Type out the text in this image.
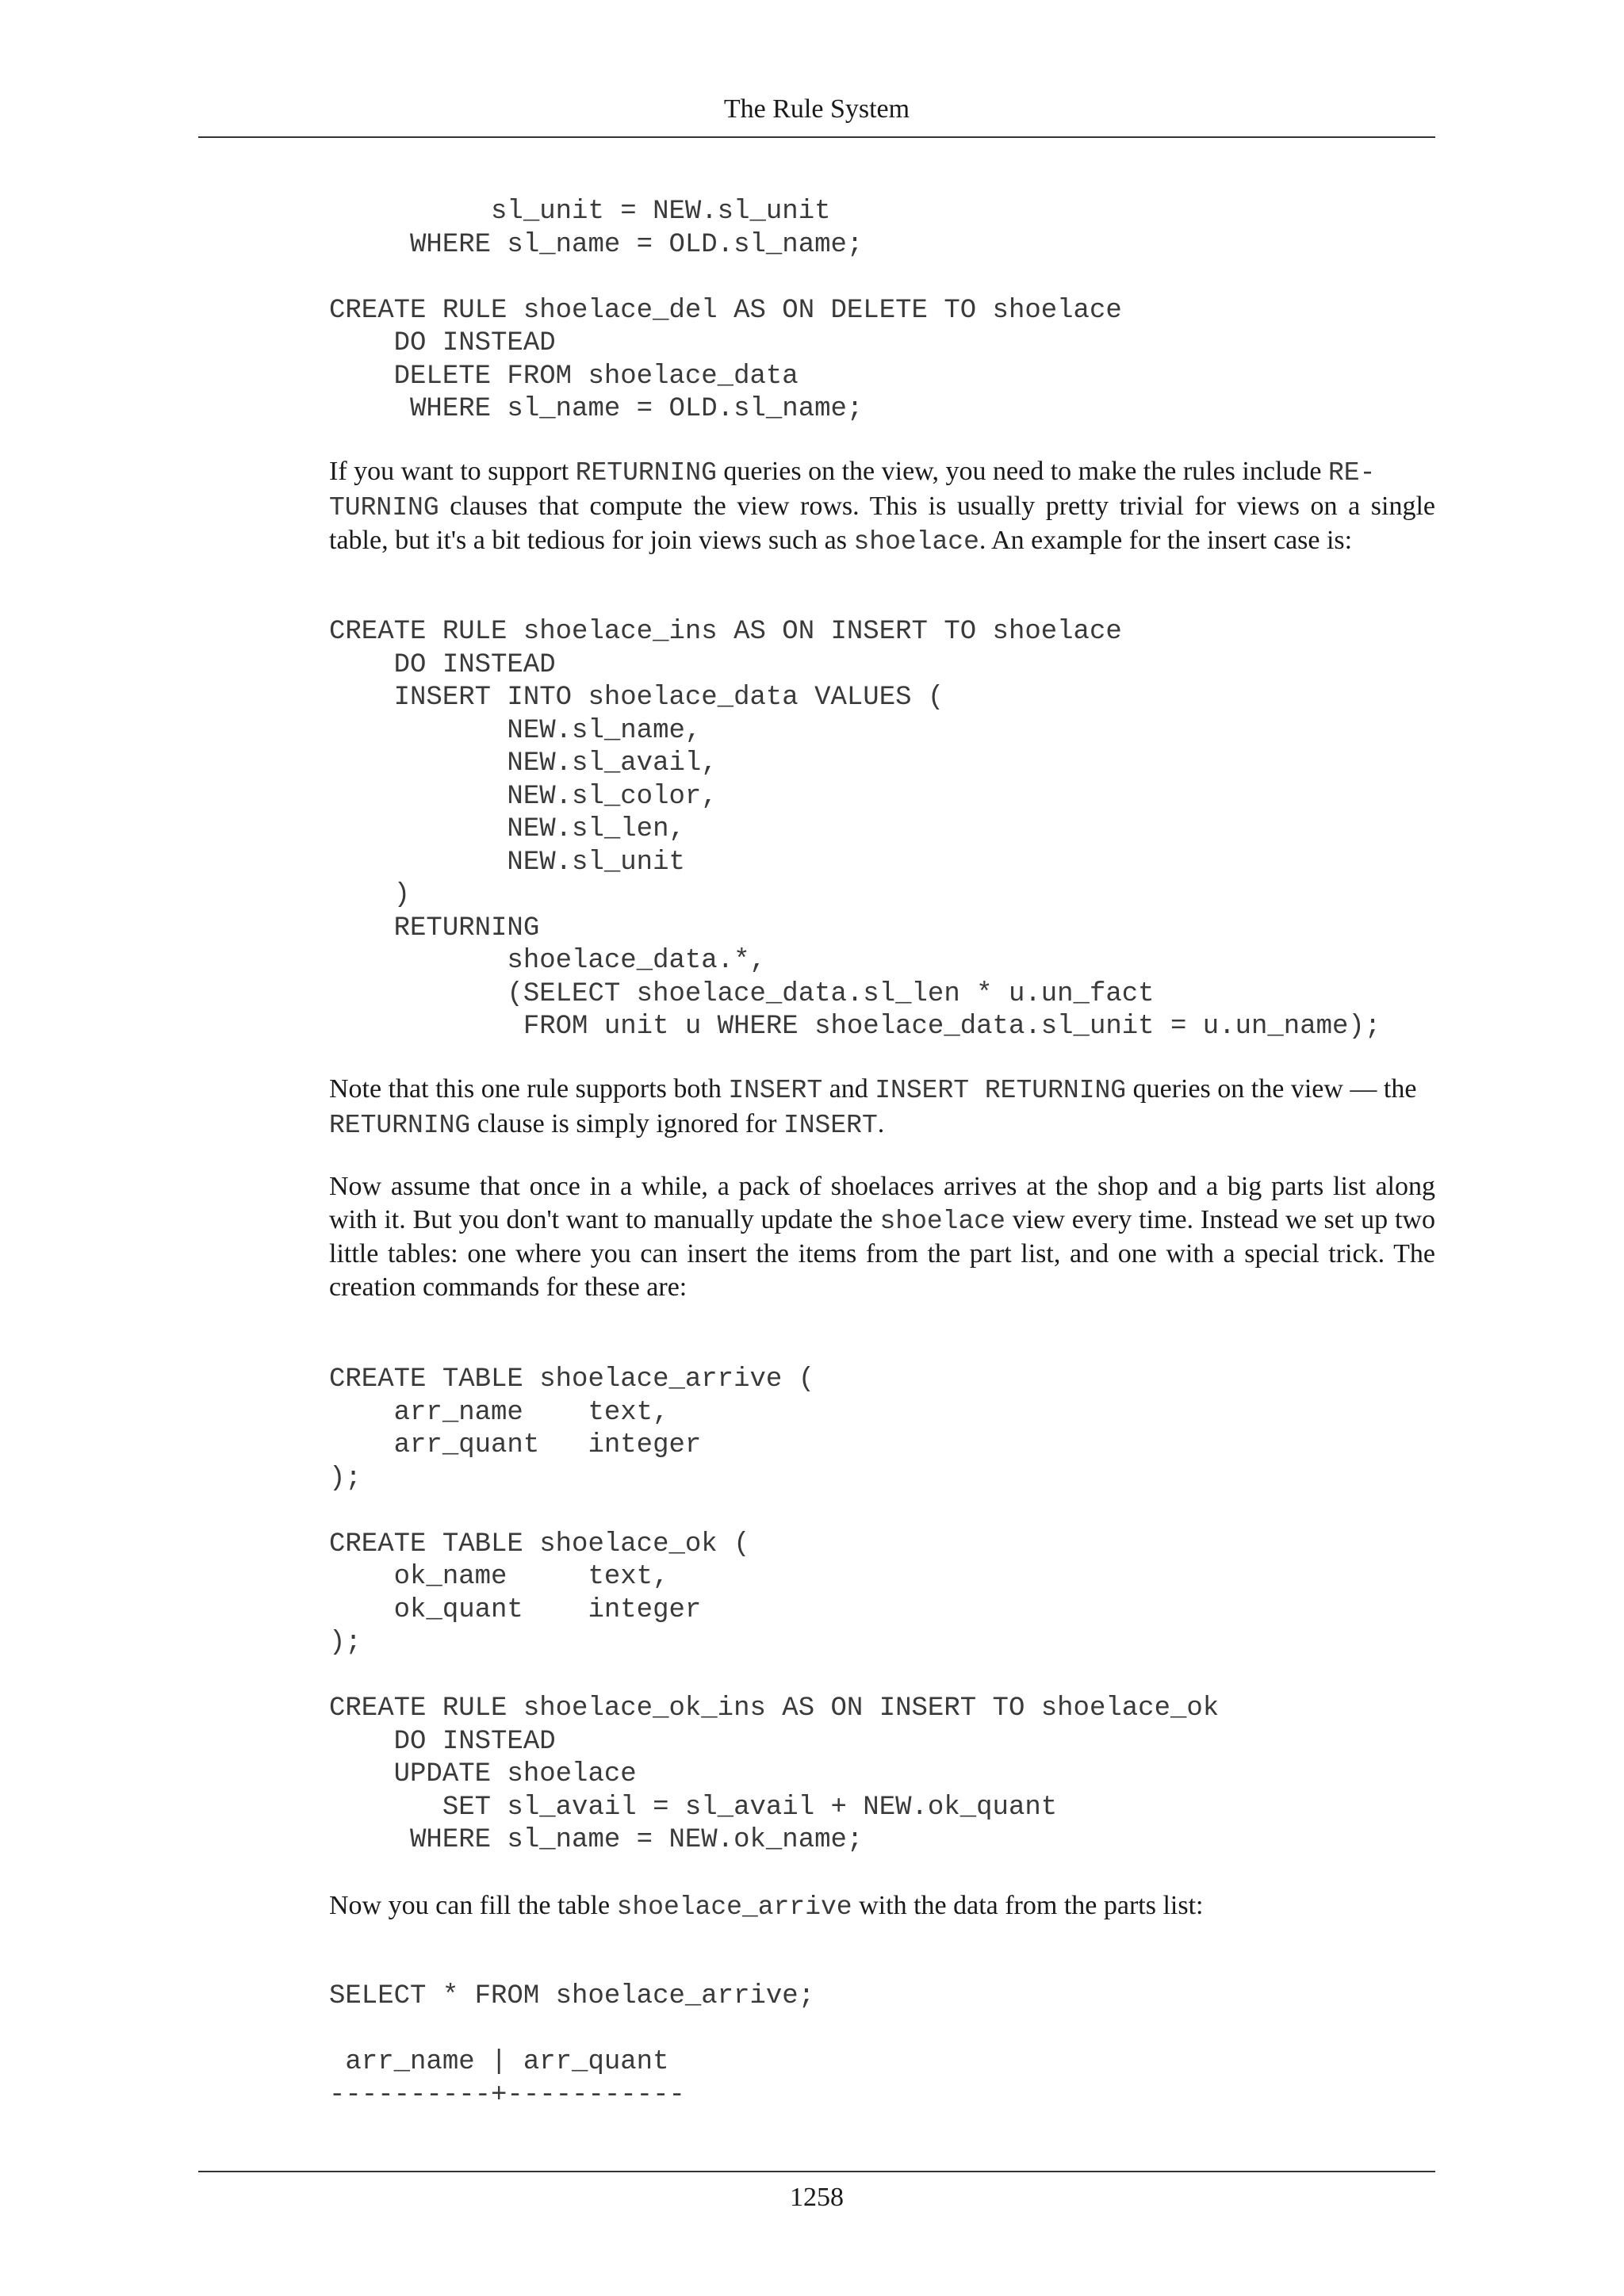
The Rule System
sl_unit = NEW.sl_unit
WHERE sl_name = OLD.sl_name;

CREATE RULE shoelace_del AS ON DELETE TO shoelace
DO INSTEAD
DELETE FROM shoelace_data
WHERE sl_name = OLD.sl_name;

If you want to support RETURNING queries on the view, you need to make the rules include RE-
TURNING clauses that compute the view rows. This is usually pretty trivial for views on a single table, but it's a bit tedious for join views such as shoelace. An example for the insert case is:

CREATE RULE shoelace_ins AS ON INSERT TO shoelace
DO INSTEAD
INSERT INTO shoelace_data VALUES (
NEW.sl_name,
NEW.sl_avail,
NEW.sl_color,
NEW.sl_len,
NEW.sl_unit
)
RETURNING
shoelace_data.*,
(SELECT shoelace_data.sl_len * u.un_fact
FROM unit u WHERE shoelace_data.sl_unit = u.un_name);

Note that this one rule supports both INSERT and INSERT RETURNING queries on the view — the
RETURNING clause is simply ignored for INSERT.

Now assume that once in a while, a pack of shoelaces arrives at the shop and a big parts list along with it. But you don't want to manually update the shoelace view every time. Instead we set up two little tables: one where you can insert the items from the part list, and one with a special trick. The creation commands for these are:

CREATE TABLE shoelace_arrive (
arr_name    text,
arr_quant   integer
);

CREATE TABLE shoelace_ok (
ok_name     text,
ok_quant    integer
);

CREATE RULE shoelace_ok_ins AS ON INSERT TO shoelace_ok
DO INSTEAD
UPDATE shoelace
SET sl_avail = sl_avail + NEW.ok_quant
WHERE sl_name = NEW.ok_name;

Now you can fill the table shoelace_arrive with the data from the parts list:

SELECT * FROM shoelace_arrive;

arr_name | arr_quant
----------+-----------
1258
